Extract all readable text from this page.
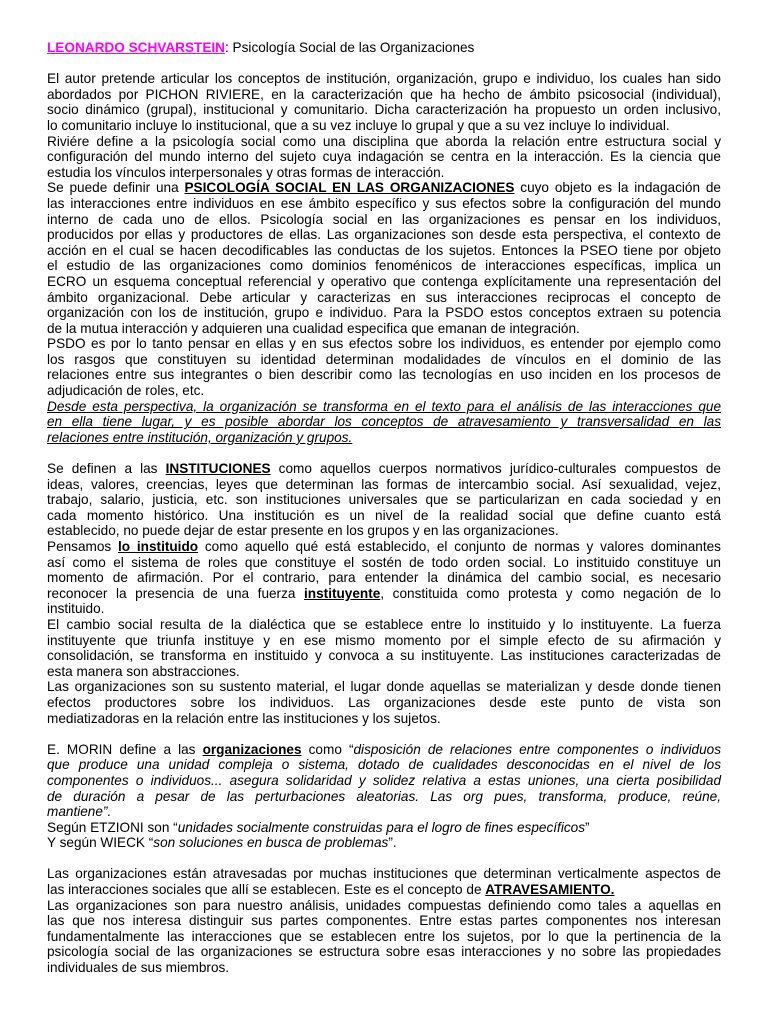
LEONARDO SCHVARSTEIN: Psicología Social de las Organizaciones
El autor pretende articular los conceptos de institución, organización, grupo e individuo, los cuales han sido
abordados por PICHON RIVIERE, en la caracterización que ha hecho de ámbito psicosocial (individual),
socio dinámico (grupal), institucional y comunitario. Dicha caracterización ha propuesto un orden inclusivo,
lo comunitario incluye lo institucional, que a su vez incluye lo grupal y que a su vez incluye lo individual.
Riviére define a la psicología social como una disciplina que aborda la relación entre estructura social y
configuración del mundo interno del sujeto cuya indagación se centra en la interacción. Es la ciencia que
estudia los vínculos interpersonales y otras formas de interacción.
Se puede definir una PSICOLOGÍA SOCIAL EN LAS ORGANIZACIONES cuyo objeto es la indagación de
las interacciones entre individuos en ese ámbito específico y sus efectos sobre la configuración del mundo
interno de cada uno de ellos. Psicología social en las organizaciones es pensar en los individuos,
producidos por ellas y productores de ellas. Las organizaciones son desde esta perspectiva, el contexto de
acción en el cual se hacen decodificables las conductas de los sujetos. Entonces la PSEO tiene por objeto
el estudio de las organizaciones como dominios fenoménicos de interacciones específicas, implica un
ECRO un esquema conceptual referencial y operativo que contenga explícitamente una representación del
ámbito organizacional. Debe articular y caracterizas en sus interacciones reciprocas el concepto de
organización con los de institución, grupo e individuo. Para la PSDO estos conceptos extraen su potencia
de la mutua interacción y adquieren una cualidad especifica que emanan de integración.
PSDO es por lo tanto pensar en ellas y en sus efectos sobre los individuos, es entender por ejemplo como
los rasgos que constituyen su identidad determinan modalidades de vínculos en el dominio de las
relaciones entre sus integrantes o bien describir como las tecnologías en uso inciden en los procesos de
adjudicación de roles, etc.
Desde esta perspectiva, la organización se transforma en el texto para el análisis de las interacciones que
en ella tiene lugar, y es posible abordar los conceptos de atravesamiento y transversalidad en las
relaciones entre institución, organización y grupos.
Se definen a las INSTITUCIONES como aquellos cuerpos normativos jurídico-culturales compuestos de
ideas, valores, creencias, leyes que determinan las formas de intercambio social. Así sexualidad, vejez,
trabajo, salario, justicia, etc. son instituciones universales que se particularizan en cada sociedad y en
cada momento histórico. Una institución es un nivel de la realidad social que define cuanto está
establecido, no puede dejar de estar presente en los grupos y en las organizaciones.
Pensamos lo instituido como aquello qué está establecido, el conjunto de normas y valores dominantes
así como el sistema de roles que constituye el sostén de todo orden social. Lo instituido constituye un
momento de afirmación. Por el contrario, para entender la dinámica del cambio social, es necesario
reconocer la presencia de una fuerza instituyente, constituida como protesta y como negación de lo
instituido.
El cambio social resulta de la dialéctica que se establece entre lo instituido y lo instituyente. La fuerza
instituyente que triunfa instituye y en ese mismo momento por el simple efecto de su afirmación y
consolidación, se transforma en instituido y convoca a su instituyente. Las instituciones caracterizadas de
esta manera son abstracciones.
Las organizaciones son su sustento material, el lugar donde aquellas se materializan y desde donde tienen
efectos productores sobre los individuos. Las organizaciones desde este punto de vista son
mediatizadoras en la relación entre las instituciones y los sujetos.
E. MORIN define a las organizaciones como “disposición de relaciones entre componentes o individuos
que produce una unidad compleja o sistema, dotado de cualidades desconocidas en el nivel de los
componentes o individuos... asegura solidaridad y solidez relativa a estas uniones, una cierta posibilidad
de duración a pesar de las perturbaciones aleatorias. Las org pues, transforma, produce, reúne,
mantiene”.
Según ETZIONI son “unidades socialmente construidas para el logro de fines específicos”
Y según WIECK “son soluciones en busca de problemas”.
Las organizaciones están atravesadas por muchas instituciones que determinan verticalmente aspectos de
las interacciones sociales que allí se establecen. Este es el concepto de ATRAVESAMIENTO.
Las organizaciones son para nuestro análisis, unidades compuestas definiendo como tales a aquellas en
las que nos interesa distinguir sus partes componentes. Entre estas partes componentes nos interesan
fundamentalmente las interacciones que se establecen entre los sujetos, por lo que la pertinencia de la
psicología social de las organizaciones se estructura sobre esas interacciones y no sobre las propiedades
individuales de sus miembros.
